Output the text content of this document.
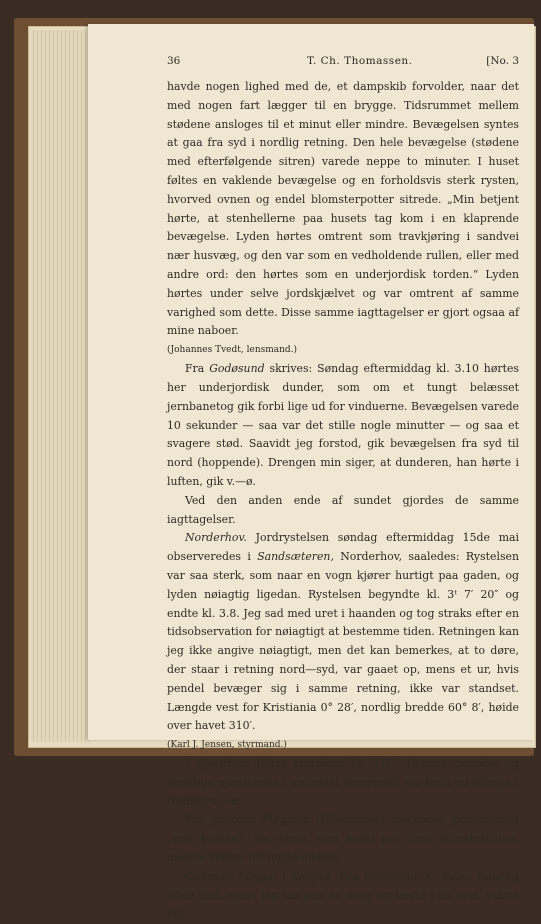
36	T. Ch. Thomassen.	[No. 3

havde nogen lighed med de, et dampskib forvolder, naar det med nogen fart lægger til en brygge. Tidsrummet mellem stødene ansloges til et minut eller mindre. Bevægelsen syntes at gaa fra syd i nordlig retning. Den hele bevægelse (stødene med efterfølgende sitren) varede neppe to minuter. I huset føltes en vaklende bevægelse og en forholdsvis sterk rysten, hvorved ovnen og endel blomsterpotter sitrede. „Min betjent hørte, at stenhellerne paa husets tag kom i en klaprende bevægelse. Lyden hørtes omtrent som travkjøring i sandvei nær husvæg, og den var som en vedholdende rullen, eller med andre ord: den hørtes som en underjordisk torden.“ Lyden hørtes under selve jordskjælvet og var omtrent af samme varighed som dette. Disse samme iagttagelser er gjort ogsaa af mine naboer.

(Johannes Tvedt, lensmand.)

Fra Godøsund skrives: Søndag eftermiddag kl. 3.10 hørtes her underjordisk dunder, som om et tungt belæsset jernbanetog gik forbi lige ud for vinduerne. Bevægelsen varede 10 sekunder — saa var det stille nogle minutter — og saa et svagere stød. Saavidt jeg forstod, gik bevægelsen fra syd til nord (hoppende). Drengen min siger, at dunderen, han hørte i luften, gik v.—ø.

Ved den anden ende af sundet gjordes de samme iagttagelser.

Norderhov. Jordrystelsen søndag eftermiddag 15de mai observeredes i Sandsæteren, Norderhov, saaledes: Rystelsen var saa sterk, som naar en vogn kjører hurtigt paa gaden, og lyden nøiagtig ligedan. Rystelsen begyndte kl. 3ᵗ 7′ 20″ og endte kl. 3.8. Jeg sad med uret i haanden og tog straks efter en tidsobservation for nøiagtigt at bestemme tiden. Retningen kan jeg ikke angive nøiagtigt, men det kan bemerkes, at to døre, der staar i retning nord—syd, var gaaet op, mens et ur, hvis pendel bevæger sig i samme retning, ikke var standset. Længde vest for Kristiania 0° 28′, nordlig bredde 60° 8′, høide over havet 310′.

(Karl J. Jensen, styrmand.)

I Gjerdrum føltes rystelsen kl. 3.37. Dørene rystede, og samtlige gjenstande i værelset bevægede sig frem og tilbage i retning s.—n.

Paa gaarden Pløgstad (Ullensaker) merkedes jordskjælvet „ved 4-tiden“. En dame, som holdt paa med brevskrivning, maatte stanse for nogle øieblik.

Gaarden Mogen i Væglid. Fra lensmand K. Valle: Søndag 15de mai, mens jeg laa paa en seng og læste i en avis, vidste jeg
